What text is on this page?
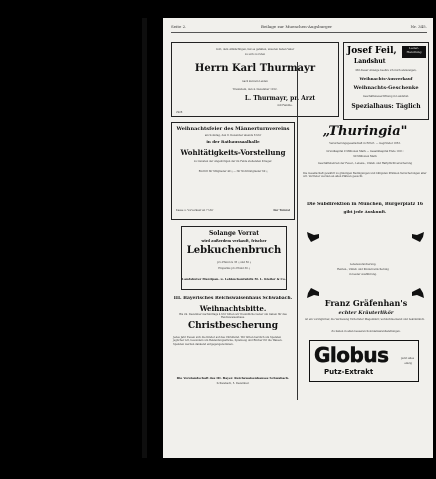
Seite 2.	Beilage zur Muenchen-Augsburger	Nr. 345.
Gott, dem Allmächtigen, hat es gefallen, unseren lieben Vater
zu sich zu rufen
Herrn Karl Thurmayr
nach kurzem Leiden
Traunstein, den 4. Dezember 1912.
L. Thurmayr, pr. Arzt
mit Familie.
2928
Josef Feil,	Leder-
Handlung
Landshut
Mit dieser Anzeige beehre ich mich anzuzeigen,
Weihnachts-Ausverkauf
Weihnachts-Geschenke
Geschäftsneueröffnung in Landshut.
Spezialhaus: Täglich
Weihnachtsfeier des Männerturnvereins
am Sonntag, den 8. Dezember abends 8 Uhr
in der Rathaussaalhalle
Wohltätigkeits-Vorstellung
zu Gunsten der Angehörigen der im Felde stehenden Krieger.
Eintritt für Mitglieder 40 ₰ — für Nichtmitglieder 60 ₰
Kasse u. Vorverkauf ab 7 Uhr	Der Turnrat
„Thuringia"
Versicherungsgesellschaft in Erfurt. — Gegründet 1853.
Grundkapital 9 Millionen Mark — Gesamtkapital Ende 1911:
99 Millionen Mark
Geschäftsbetrieb der Feuer-, Lebens-, Unfall- und Haftpflichtversicherung
Die Gesellschaft gewährt zu günstigen Bedingungen und billigsten Prämien Versicherungen aller Art. Vertreter werden an allen Plätzen gesucht.
Die Subdirektion in München, Bürgerplatz 16
gibt jede Auskunft.
Solange Vorrat
wird außerdem verkauft, frischer
Lebkuchenbruch
pro Pfund zu 35 ₰ und 50 ₰
Ersparnis pro Pfund 30 ₰
Landshuter Marzipan- u. Lebkuchenfabrik M. L. Kleiter & Co.
Lebensversicherung,
Renten-, Unfall- und Kinderversicherung
in bester Ausführung.
III. Bayerisches Reichswaisenhaus Schwabach.
Weihnachtsbitte.
Bis 24. Dezember nachmittags 4 Uhr bitten wir freundliche Geber um Gaben für das Reichswaisenhaus.
Christbescherung
Jedes Jahr freuen sich die Kinder auf das Christkind. Wir bitten herzlich um Spenden jeglicher Art, besonders um Bekleidungsstücke, Spielzeug und Bücher für die Waisen. Spenden werden dankend entgegengenommen.
Die Vorstandschaft des III. Bayer. Reichswaisenhauses Schwabach.
Schwabach, 5. Dezember.
Franz Gräfenhan's
echter Kräuterlikör
ist ein vorzüglicher, die Verdauung fördernder Magenlikör, wohlschmeckend und bekömmlich.
Zu haben in allen besseren Kolonialwarenhandlungen.
Globus
Putz-Extrakt
putzt alles
einzig
